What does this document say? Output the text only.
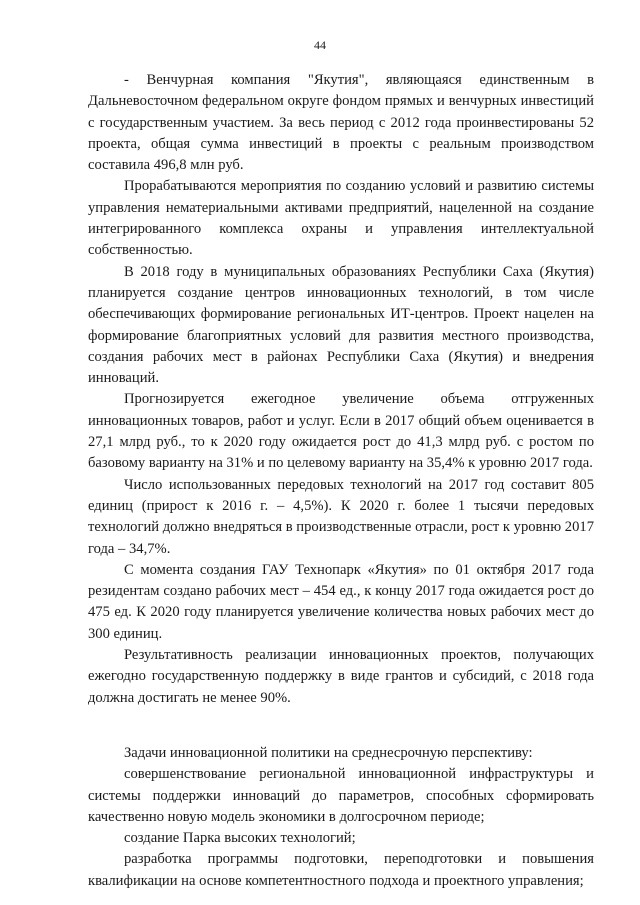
44

- Венчурная компания "Якутия", являющаяся единственным в Дальневосточном федеральном округе фондом прямых и венчурных инвестиций с государственным участием. За весь период с 2012 года проинвестированы 52 проекта, общая сумма инвестиций в проекты с реальным производством составила 496,8 млн руб.

Прорабатываются мероприятия по созданию условий и развитию системы управления нематериальными активами предприятий, нацеленной на создание интегрированного комплекса охраны и управления интеллектуальной собственностью.

В 2018 году в муниципальных образованиях Республики Саха (Якутия) планируется создание центров инновационных технологий, в том числе обеспечивающих формирование региональных ИТ-центров. Проект нацелен на формирование благоприятных условий для развития местного производства, создания рабочих мест в районах Республики Саха (Якутия) и внедрения инноваций.

Прогнозируется ежегодное увеличение объема отгруженных инновационных товаров, работ и услуг. Если в 2017 общий объем оценивается в 27,1 млрд руб., то к 2020 году ожидается рост до 41,3 млрд руб. с ростом по базовому варианту на 31% и по целевому варианту на 35,4% к уровню 2017 года.

Число использованных передовых технологий на 2017 год составит 805 единиц (прирост к 2016 г. – 4,5%). К 2020 г. более 1 тысячи передовых технологий должно внедряться в производственные отрасли, рост к уровню 2017 года – 34,7%.

С момента создания ГАУ Технопарк «Якутия» по 01 октября 2017 года резидентам создано рабочих мест – 454 ед., к концу 2017 года ожидается рост до 475 ед. К 2020 году планируется увеличение количества новых рабочих мест до 300 единиц.

Результативность реализации инновационных проектов, получающих ежегодно государственную поддержку в виде грантов и субсидий, с 2018 года должна достигать не менее 90%.

Задачи инновационной политики на среднесрочную перспективу:

совершенствование региональной инновационной инфраструктуры и системы поддержки инноваций до параметров, способных сформировать качественно новую модель экономики в долгосрочном периоде;

создание Парка высоких технологий;

разработка программы подготовки, переподготовки и повышения квалификации на основе компетентностного подхода и проектного управления;
